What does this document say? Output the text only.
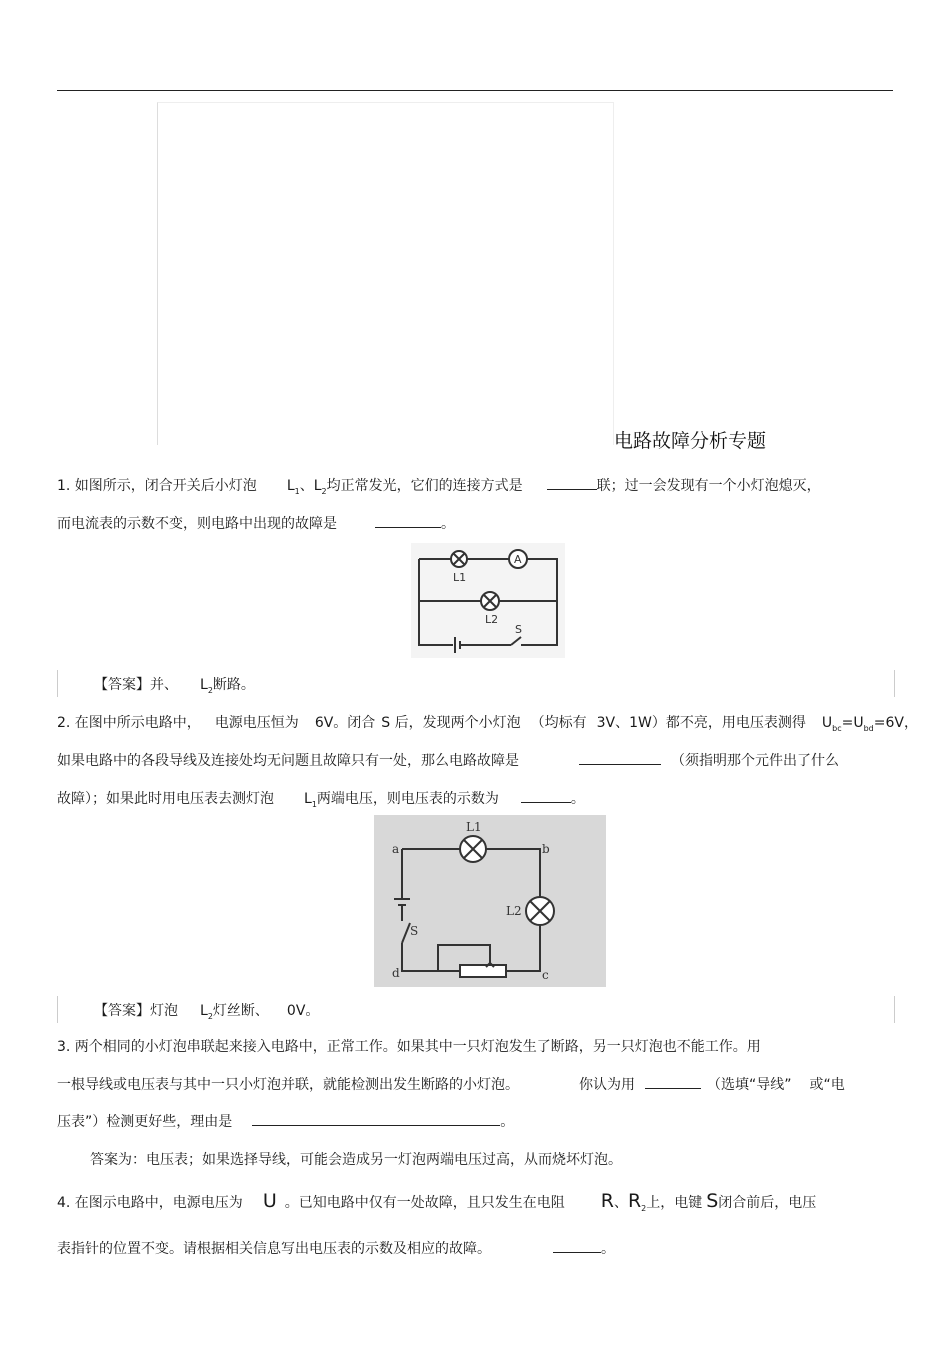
电路故障分析专题
1. 如图所示，闭合开关后小灯泡 $L_1$、$L_2$均正常发光，它们的连接方式是	联；过一会发现有一个小灯泡熄灭，
而电流表的示数不变，则电路中出现的故障是	。
A
L1
L2
S
【答案】并、 $L_2$断路。
2. 在图中所示电路中， 电源电压恒为 6V。闭合 S 后，发现两个小灯泡 （均标有 3V、1W）都不亮，用电压表测得 $U_{bc}=U_{bd}=6V$，
如果电路中的各段导线及连接处均无问题且故障只有一处，那么电路故障是	（须指明那个元件出了什么
故障）；如果此时用电压表去测灯泡 $L_1$两端电压，则电压表的示数为	。
a	b
c
d
L1
L2
S
【答案】灯泡 $L_2$灯丝断、 0V。
3. 两个相同的小灯泡串联起来接入电路中，正常工作。如果其中一只灯泡发生了断路，另一只灯泡也不能工作。用
一根导线或电压表与其中一只小灯泡并联，就能检测出发生断路的小灯泡。	你认为用	（选填“导线” 或“电
压表”）检测更好些，理由是	。
答案为：电压表；如果选择导线，可能会造成另一灯泡两端电压过高，从而烧坏灯泡。
4. 在图示电路中，电源电压为 U 。已知电路中仅有一处故障，且只发生在电阻 R、$R_2$上，电键 S闭合前后，电压
表指针的位置不变。请根据相关信息写出电压表的示数及相应的故障。	。
